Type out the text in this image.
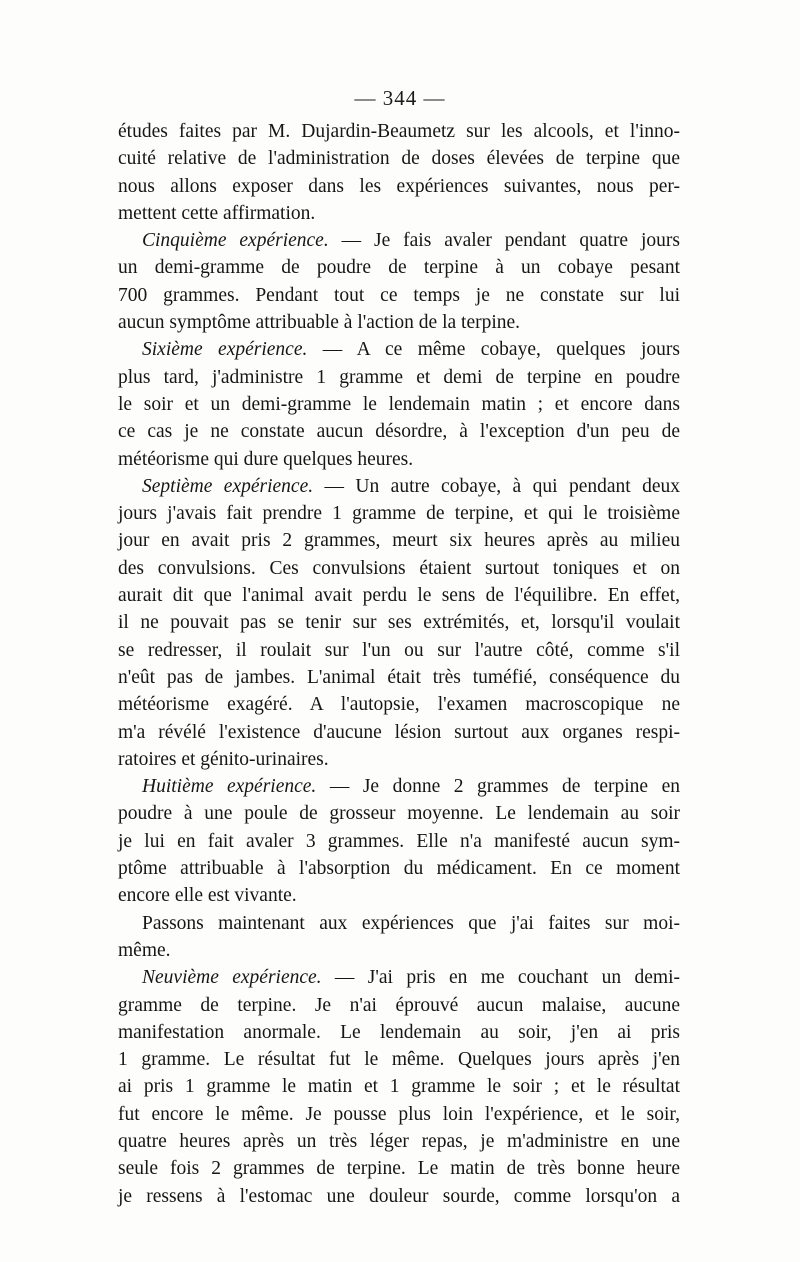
— 344 —
études faites par M. Dujardin-Beaumetz sur les alcools, et l'inno-
cuité relative de l'administration de doses élevées de terpine que
nous allons exposer dans les expériences suivantes, nous per-
mettent cette affirmation.
Cinquième expérience. — Je fais avaler pendant quatre jours
un demi-gramme de poudre de terpine à un cobaye pesant
700 grammes. Pendant tout ce temps je ne constate sur lui
aucun symptôme attribuable à l'action de la terpine.
Sixième expérience. — A ce même cobaye, quelques jours
plus tard, j'administre 1 gramme et demi de terpine en poudre
le soir et un demi-gramme le lendemain matin ; et encore dans
ce cas je ne constate aucun désordre, à l'exception d'un peu de
météorisme qui dure quelques heures.
Septième expérience. — Un autre cobaye, à qui pendant deux
jours j'avais fait prendre 1 gramme de terpine, et qui le troisième
jour en avait pris 2 grammes, meurt six heures après au milieu
des convulsions. Ces convulsions étaient surtout toniques et on
aurait dit que l'animal avait perdu le sens de l'équilibre. En effet,
il ne pouvait pas se tenir sur ses extrémités, et, lorsqu'il voulait
se redresser, il roulait sur l'un ou sur l'autre côté, comme s'il
n'eût pas de jambes. L'animal était très tuméfié, conséquence du
météorisme exagéré. A l'autopsie, l'examen macroscopique ne
m'a révélé l'existence d'aucune lésion surtout aux organes respi-
ratoires et génito-urinaires.
Huitième expérience. — Je donne 2 grammes de terpine en
poudre à une poule de grosseur moyenne. Le lendemain au soir
je lui en fait avaler 3 grammes. Elle n'a manifesté aucun sym-
ptôme attribuable à l'absorption du médicament. En ce moment
encore elle est vivante.
Passons maintenant aux expériences que j'ai faites sur moi-
même.
Neuvième expérience. — J'ai pris en me couchant un demi-
gramme de terpine. Je n'ai éprouvé aucun malaise, aucune
manifestation anormale. Le lendemain au soir, j'en ai pris
1 gramme. Le résultat fut le même. Quelques jours après j'en
ai pris 1 gramme le matin et 1 gramme le soir ; et le résultat
fut encore le même. Je pousse plus loin l'expérience, et le soir,
quatre heures après un très léger repas, je m'administre en une
seule fois 2 grammes de terpine. Le matin de très bonne heure
je ressens à l'estomac une douleur sourde, comme lorsqu'on a
